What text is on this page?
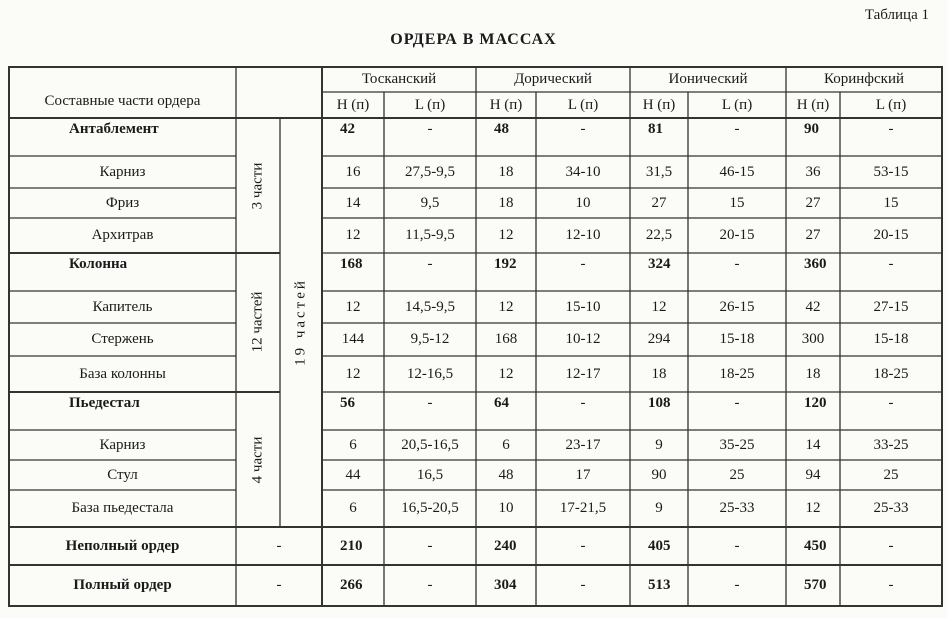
Таблица 1
ОРДЕРА В МАССАХ
Составные части ордера
Тосканский	Дорический	Ионический	Коринфский
H (п)	L (п)	H (п)	L (п)	H (п)	L (п)	H (п)	L (п)
3 части
12 частей
4 части
19 частей
Антаблемент	42	-	48	-	81	-	90	-
Карниз	16	27,5-9,5	18	34-10	31,5	46-15	36	53-15
Фриз	14	9,5	18	10	27	15	27	15
Архитрав	12	11,5-9,5	12	12-10	22,5	20-15	27	20-15
Колонна	168	-	192	-	324	-	360	-
Капитель	12	14,5-9,5	12	15-10	12	26-15	42	27-15
Стержень	144	9,5-12	168	10-12	294	15-18	300	15-18
База колонны	12	12-16,5	12	12-17	18	18-25	18	18-25
Пьедестал	56	-	64	-	108	-	120	-
Карниз	6	20,5-16,5	6	23-17	9	35-25	14	33-25
Стул	44	16,5	48	17	90	25	94	25
База пьедестала	6	16,5-20,5	10	17-21,5	9	25-33	12	25-33
Неполный ордер	-	210	-	240	-	405	-	450	-
Полный ордер	-	266	-	304	-	513	-	570	-
